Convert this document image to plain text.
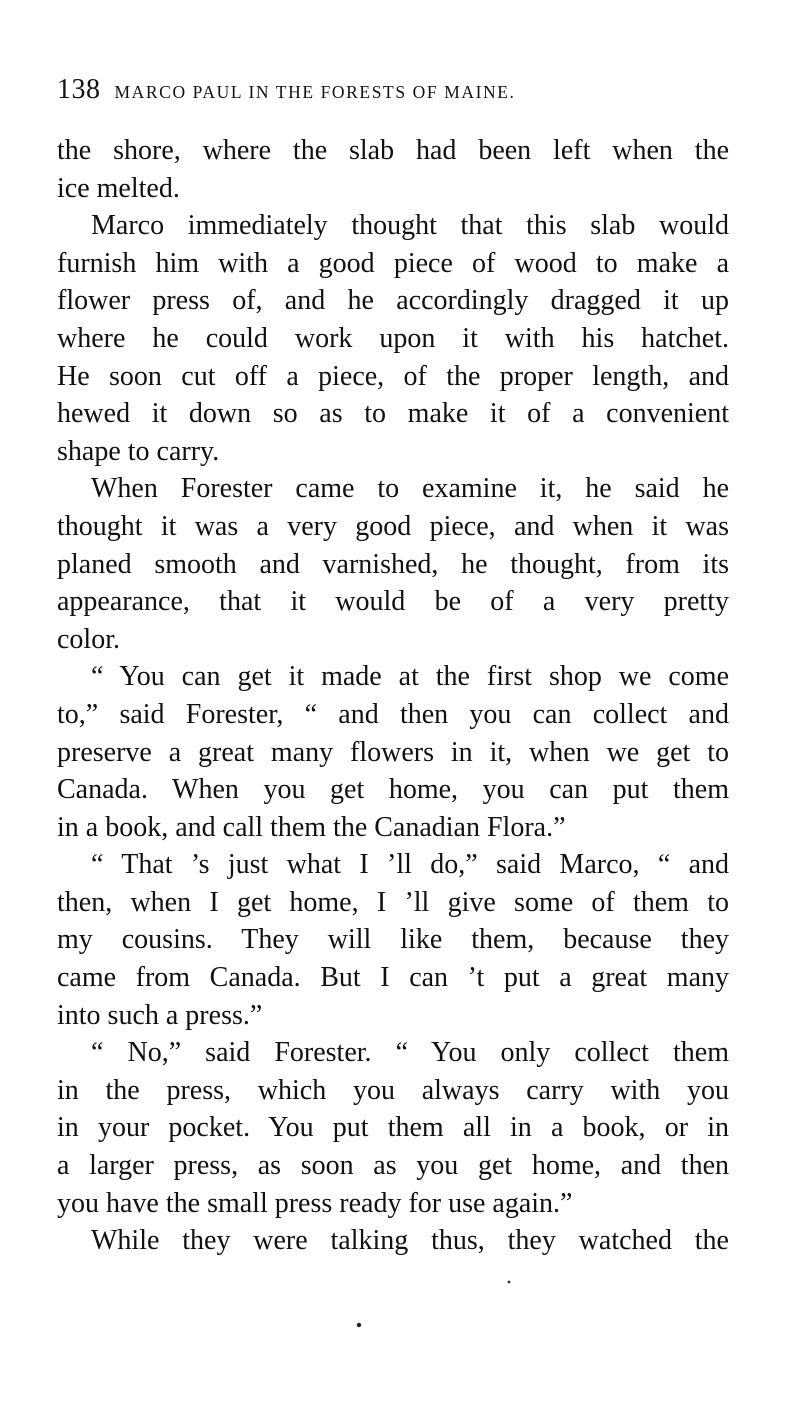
138 MARCO PAUL IN THE FORESTS OF MAINE.
the shore, where the slab had been left when the
ice melted.
Marco immediately thought that this slab would
furnish him with a good piece of wood to make a
flower press of, and he accordingly dragged it up
where he could work upon it with his hatchet.
He soon cut off a piece, of the proper length, and
hewed it down so as to make it of a convenient
shape to carry.
When Forester came to examine it, he said he
thought it was a very good piece, and when it was
planed smooth and varnished, he thought, from its
appearance, that it would be of a very pretty
color.
“ You can get it made at the first shop we come
to,” said Forester, “ and then you can collect and
preserve a great many flowers in it, when we get to
Canada. When you get home, you can put them
in a book, and call them the Canadian Flora.”
“ That ’s just what I ’ll do,” said Marco, “ and
then, when I get home, I ’ll give some of them to
my cousins. They will like them, because they
came from Canada. But I can ’t put a great many
into such a press.”
“ No,” said Forester. “ You only collect them
in the press, which you always carry with you
in your pocket. You put them all in a book, or in
a larger press, as soon as you get home, and then
you have the small press ready for use again.”
While they were talking thus, they watched the
